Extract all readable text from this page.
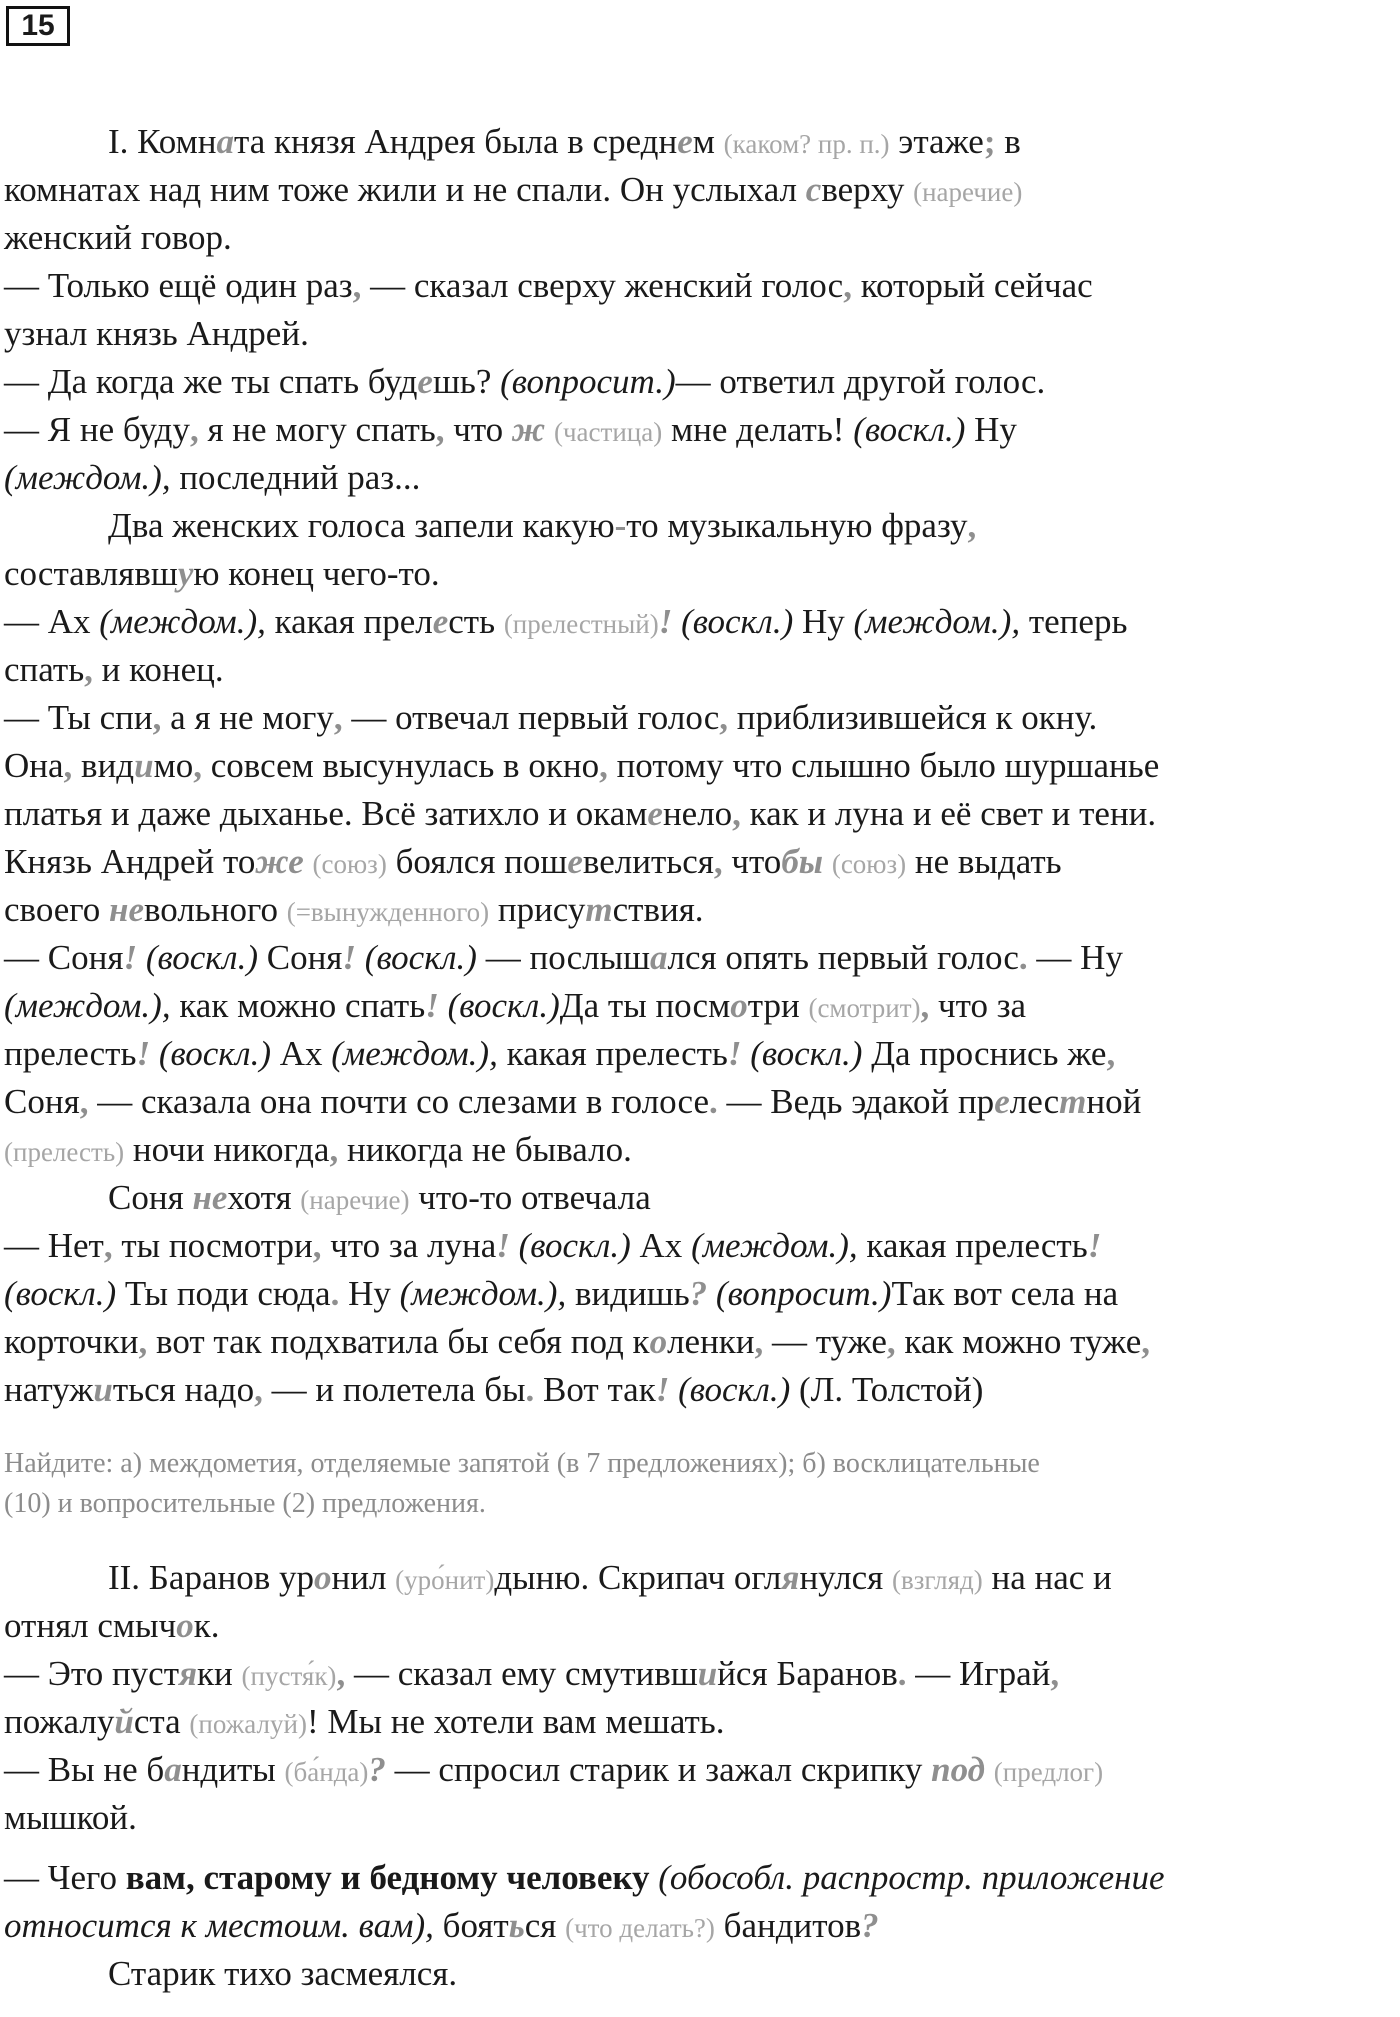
15
I. Комната князя Андрея была в среднем (каком? пр. п.) этаже; в
комнатах над ним тоже жили и не спали. Он услыхал сверху (наречие)
женский говор.
— Только ещё один раз, — сказал сверху женский голос, который сейчас
узнал князь Андрей.
— Да когда же ты спать будешь? (вопросит.)— ответил другой голос.
— Я не буду, я не могу спать, что ж (частица) мне делать! (воскл.) Ну
(междом.), последний раз...
Два женских голоса запели какую-то музыкальную фразу,
составлявшую конец чего-то.
— Ах (междом.), какая прелесть (прелестный)! (воскл.) Ну (междом.), теперь
спать, и конец.
— Ты спи, а я не могу, — отвечал первый голос, приблизившейся к окну.
Она, видимо, совсем высунулась в окно, потому что слышно было шуршанье
платья и даже дыханье. Всё затихло и окаменело, как и луна и её свет и тени.
Князь Андрей тоже (союз) боялся пошевелиться, чтобы (союз) не выдать
своего невольного (=вынужденного) присутствия.
— Соня! (воскл.) Соня! (воскл.) — послышался опять первый голос. — Ну
(междом.), как можно спать! (воскл.)Да ты посмотри (смотрит), что за
прелесть! (воскл.) Ах (междом.), какая прелесть! (воскл.) Да проснись же,
Соня, — сказала она почти со слезами в голосе. — Ведь эдакой прелестной
(прелесть) ночи никогда, никогда не бывало.
Соня нехотя (наречие) что-то отвечала
— Нет, ты посмотри, что за луна! (воскл.) Ах (междом.), какая прелесть!
(воскл.) Ты поди сюда. Ну (междом.), видишь? (вопросит.)Так вот села на
корточки, вот так подхватила бы себя под коленки, — туже, как можно туже,
натужиться надо, — и полетела бы. Вот так! (воскл.) (Л. Толстой)
Найдите: а) междометия, отделяемые запятой (в 7 предложениях); б) восклицательные
(10) и вопросительные (2) предложения.
II. Баранов уронил (уро́нит)дыню. Скрипач оглянулся (взгляд) на нас и
отнял смычок.
— Это пустяки (пустя́к), — сказал ему смутившийся Баранов. — Играй,
пожалуйста (пожалуй)! Мы не хотели вам мешать.
— Вы не бандиты (ба́нда)? — спросил старик и зажал скрипку под (предлог)
мышкой.
— Чего вам, старому и бедному человеку (обособл. распростр. приложение
относится к местоим. вам), бояться (что делать?) бандитов?
Старик тихо засмеялся.
